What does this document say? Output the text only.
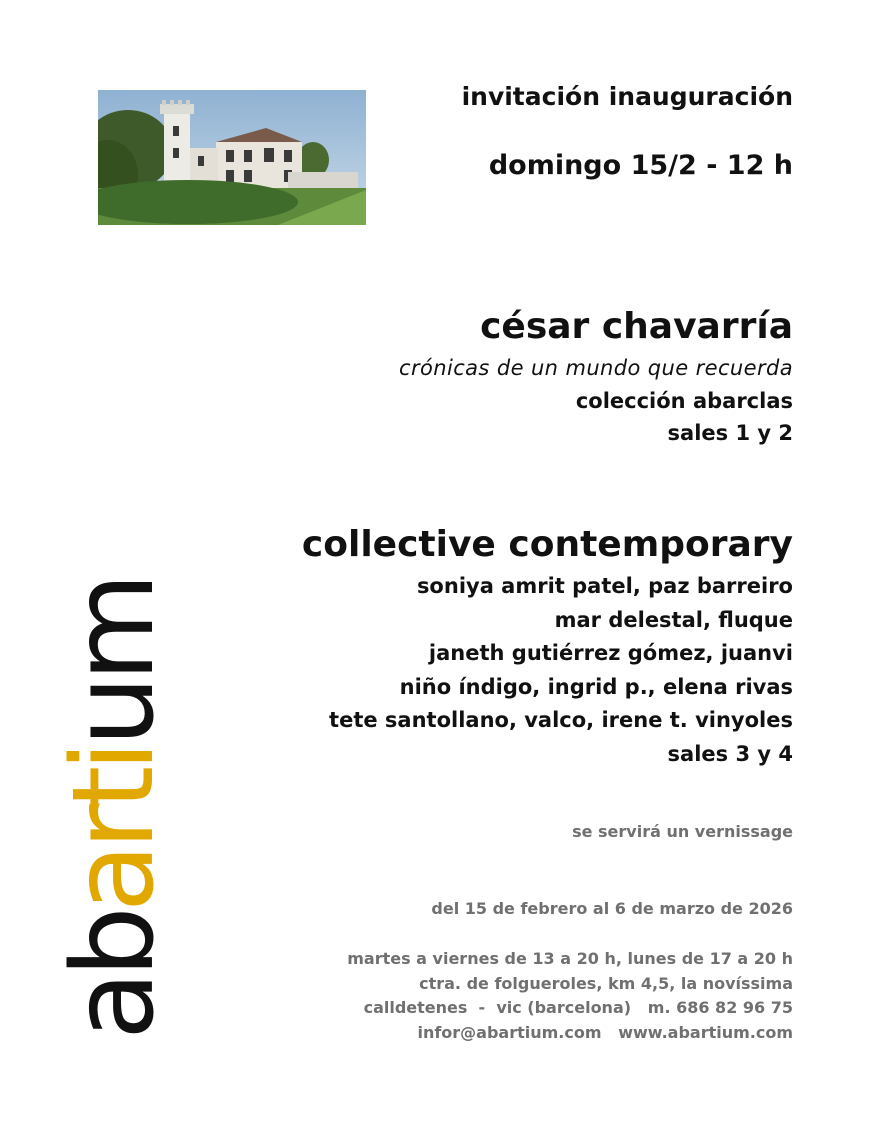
invitación inauguración
domingo 15/2 - 12 h
césar chavarría
crónicas de un mundo que recuerda
colección abarclas
sales 1 y 2
collective contemporary
soniya amrit patel, paz barreiro
mar delestal, fluque
janeth gutiérrez gómez, juanvi
niño índigo, ingrid p., elena rivas
tete santollano, valco, irene t. vinyoles
sales 3 y 4
se servirá un vernissage
del 15 de febrero al 6 de marzo de 2026
martes a viernes de 13 a 20 h, lunes de 17 a 20 h
ctra. de folgueroles, km 4,5, la novíssima
calldetenes  -  vic (barcelona)   m. 686 82 96 75
infor@abartium.com   www.abartium.com
abartium
